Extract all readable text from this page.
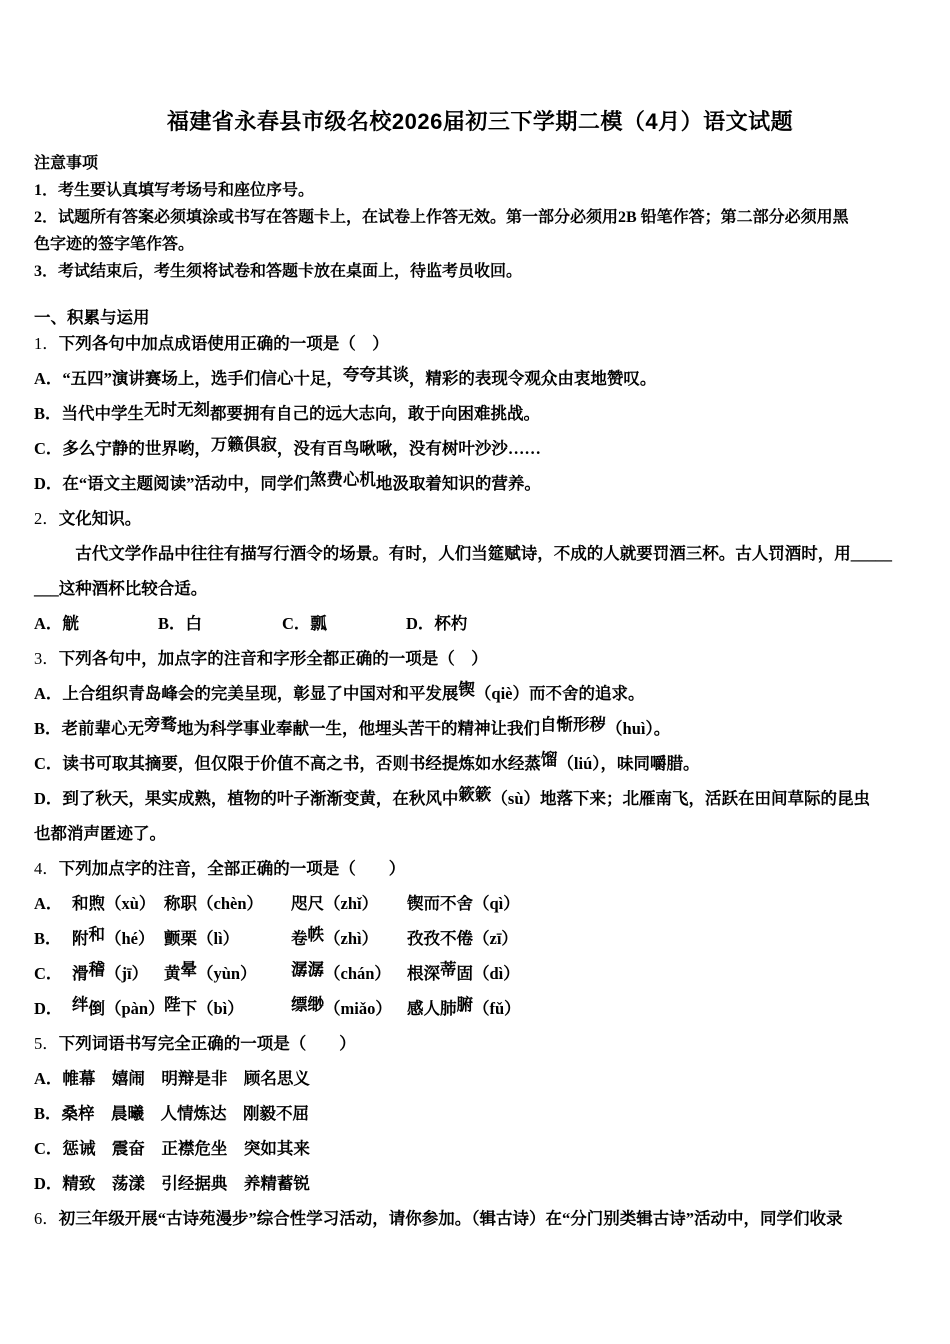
福建省永春县市级名校2026届初三下学期二模（4月）语文试题
注意事项
1．考生要认真填写考场号和座位序号。
2．试题所有答案必须填涂或书写在答题卡上，在试卷上作答无效。第一部分必须用2B 铅笔作答；第二部分必须用黑
色字迹的签字笔作答。
3．考试结束后，考生须将试卷和答题卡放在桌面上，待监考员收回。
一、积累与运用
1．下列各句中加点成语使用正确的一项是（　）
A．“五四”演讲赛场上，选手们信心十足，夸夸其谈，精彩的表现令观众由衷地赞叹。
B．当代中学生无时无刻都要拥有自己的远大志向，敢于向困难挑战。
C．多么宁静的世界哟，万籁俱寂，没有百鸟啾啾，没有树叶沙沙……
D．在“语文主题阅读”活动中，同学们煞费心机地汲取着知识的营养。
2．文化知识。
古代文学作品中往往有描写行酒令的场景。有时，人们当筵赋诗，不成的人就要罚酒三杯。古人罚酒时，用_____
___这种酒杯比较合适。
A．觥	B．白	C．瓢	D．杯杓
3．下列各句中，加点字的注音和字形全都正确的一项是（　）
A．上合组织青岛峰会的完美呈现，彰显了中国对和平发展锲（qiè）而不舍的追求。
B．老前辈心无旁骛地为科学事业奉献一生，他埋头苦干的精神让我们自惭形秽（huì）。
C．读书可取其摘要，但仅限于价值不高之书，否则书经提炼如水经蒸馏（liú），味同嚼腊。
D．到了秋天，果实成熟，植物的叶子渐渐变黄，在秋风中簌簌（sù）地落下来；北雁南飞，活跃在田间草际的昆虫
也都消声匿迹了。
4．下列加点字的注音，全部正确的一项是（　　）
A． 和煦（xù） 称职（chèn）	咫尺（zhǐ）	锲而不舍（qì）
B． 附和（hé） 颤栗（lì）	卷帙（zhì）	孜孜不倦（zī）
C． 滑稽（jī） 黄晕（yùn）	潺潺（chán） 根深蒂固（dì）
D． 绊倒（pàn） 陛下（bì）	缥缈（miǎo） 感人肺腑（fǔ）
5．下列词语书写完全正确的一项是（　　）
A．帷幕　嬉闹　明辩是非　顾名思义
B．桑梓　晨曦　人情炼达　刚毅不屈
C．惩诫　震奋　正襟危坐　突如其来
D．精致　荡漾　引经据典　养精蓄锐
6．初三年级开展“古诗苑漫步”综合性学习活动，请你参加。（辑古诗）在“分门别类辑古诗”活动中，同学们收录
